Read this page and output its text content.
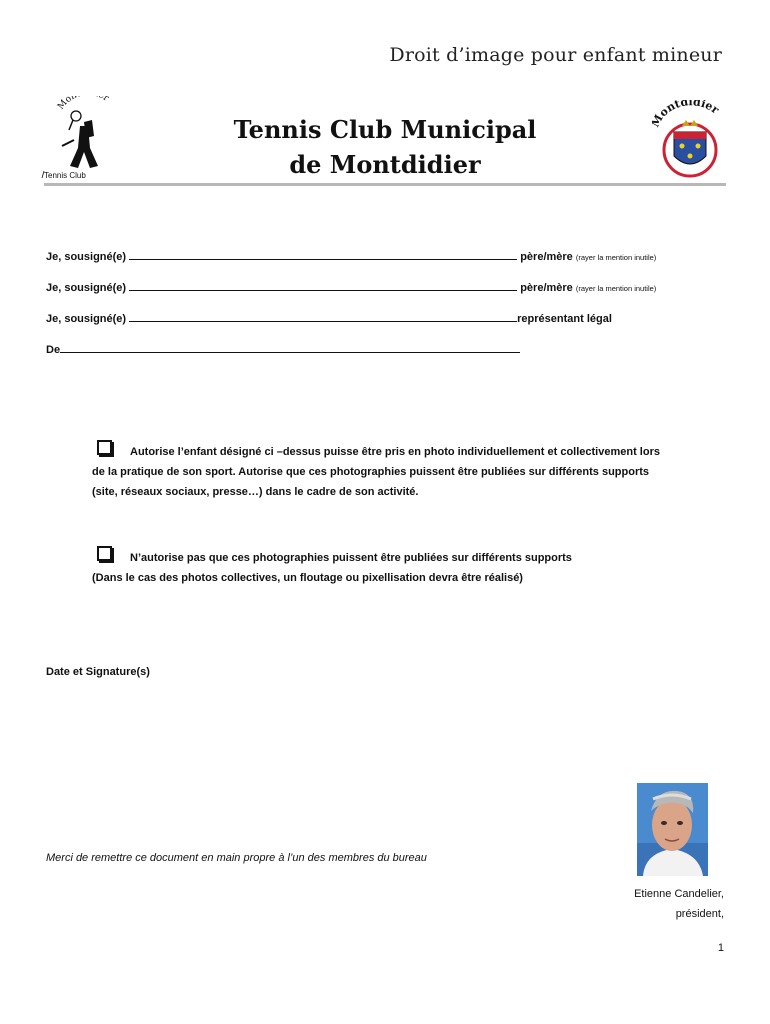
Droit d’image pour enfant mineur
Mon r
Tennis Club
Tennis Club Municipal
de Montdidier
ontdidier
Je, sousigné(e)	père/mère (rayer la mention inutile)
Je, sousigné(e)	père/mère (rayer la mention inutile)
Je, sousigné(e)	représentant légal
De
Autorise l’enfant désigné ci –dessus puisse être pris en photo individuellement et collectivement lors
de la pratique de son sport. Autorise que ces photographies puissent être publiées sur différents supports
(site, réseaux sociaux, presse…) dans le cadre de son activité.
N’autorise pas que ces photographies puissent être publiées sur différents supports
(Dans le cas des photos collectives, un floutage ou pixellisation devra être réalisé)
Date et Signature(s)
Merci de remettre ce document en main propre à l’un des membres du bureau
Etienne Candelier,
président,
1
